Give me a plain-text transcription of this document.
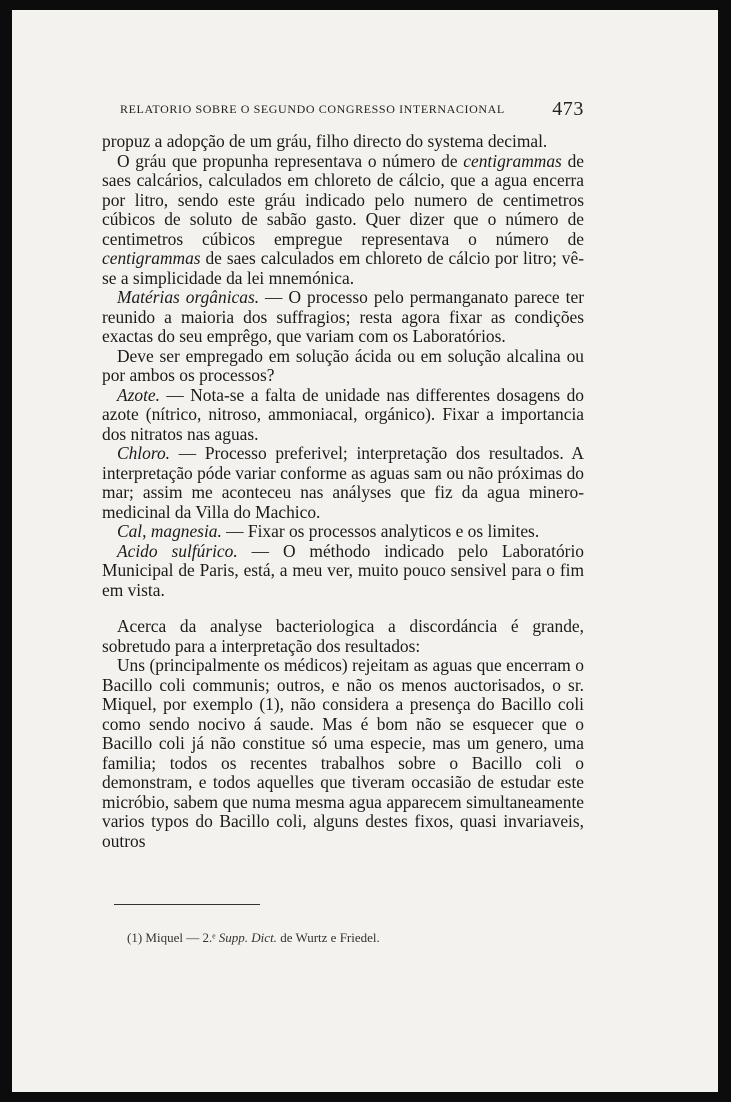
RELATORIO SOBRE O SEGUNDO CONGRESSO INTERNACIONAL 473

propuz a adopção de um gráu, filho directo do systema decimal.

O gráu que propunha representava o número de centigrammas de saes calcários, calculados em chloreto de cálcio, que a agua encerra por litro, sendo este gráu indicado pelo numero de centimetros cúbicos de soluto de sabão gasto. Quer dizer que o número de centimetros cúbicos empregue representava o número de centigrammas de saes calculados em chloreto de cálcio por litro; vê-se a simplicidade da lei mnemónica.

Matérias orgânicas. — O processo pelo permanganato parece ter reunido a maioria dos suffragios; resta agora fixar as condições exactas do seu emprêgo, que variam com os Laboratórios.

Deve ser empregado em solução ácida ou em solução alcalina ou por ambos os processos?

Azote. — Nota-se a falta de unidade nas differentes dosagens do azote (nítrico, nitroso, ammoniacal, orgánico). Fixar a importancia dos nitratos nas aguas.

Chloro. — Processo preferivel; interpretação dos resultados. A interpretação póde variar conforme as aguas sam ou não próximas do mar; assim me aconteceu nas anályses que fiz da agua minero-medicinal da Villa do Machico.

Cal, magnesia. — Fixar os processos analyticos e os limites.

Acido sulfúrico. — O méthodo indicado pelo Laboratório Municipal de Paris, está, a meu ver, muito pouco sensivel para o fim em vista.

Acerca da analyse bacteriologica a discordáncia é grande, sobretudo para a interpretação dos resultados:

Uns (principalmente os médicos) rejeitam as aguas que encerram o Bacillo coli communis; outros, e não os menos auctorisados, o sr. Miquel, por exemplo (1), não considera a presença do Bacillo coli como sendo nocivo á saude. Mas é bom não se esquecer que o Bacillo coli já não constitue só uma especie, mas um genero, uma familia; todos os recentes trabalhos sobre o Bacillo coli o demonstram, e todos aquelles que tiveram occasião de estudar este micróbio, sabem que numa mesma agua apparecem simultaneamente varios typos do Bacillo coli, alguns destes fixos, quasi invariaveis, outros

(1) Miquel — 2.ᵉ Supp. Dict. de Wurtz e Friedel.
